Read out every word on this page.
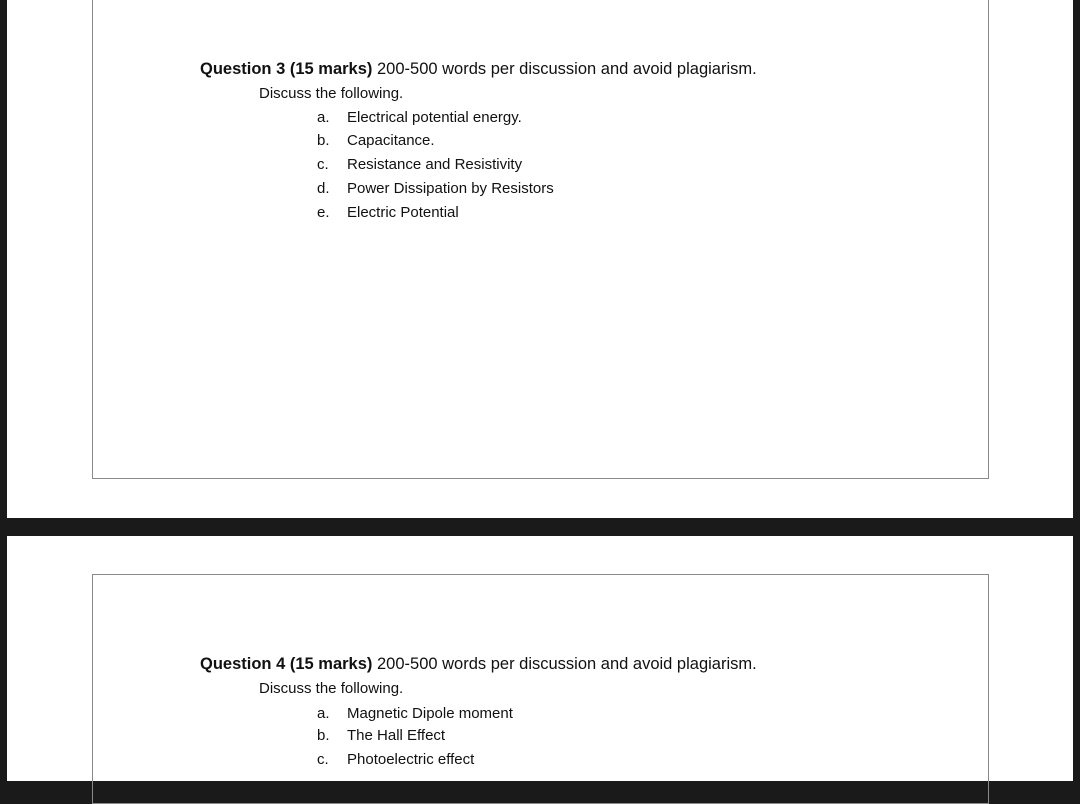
Question 3 (15 marks) 200-500 words per discussion and avoid plagiarism.
Discuss the following.
a. Electrical potential energy.
b. Capacitance.
c. Resistance and Resistivity
d. Power Dissipation by Resistors
e. Electric Potential
Question 4 (15 marks) 200-500 words per discussion and avoid plagiarism.
Discuss the following.
a. Magnetic Dipole moment
b. The Hall Effect
c. Photoelectric effect
